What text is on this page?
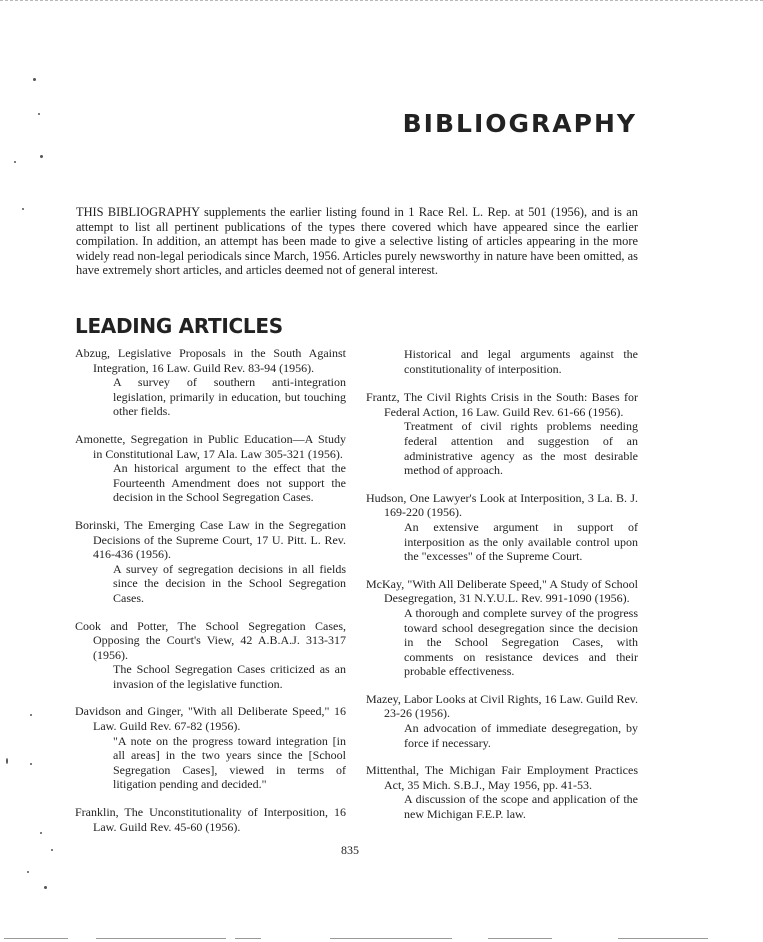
BIBLIOGRAPHY

THIS BIBLIOGRAPHY supplements the earlier listing found in 1 Race Rel. L. Rep. at 501 (1956), and is an attempt to list all pertinent publications of the types there covered which have appeared since the earlier compilation. In addition, an attempt has been made to give a selective listing of articles appearing in the more widely read non-legal periodicals since March, 1956. Articles purely newsworthy in nature have been omitted, as have extremely short articles, and articles deemed not of general interest.

LEADING ARTICLES

Abzug, Legislative Proposals in the South Against Integration, 16 Law. Guild Rev. 83-94 (1956).

A survey of southern anti-integration legislation, primarily in education, but touching other fields.

Amonette, Segregation in Public Education—A Study in Constitutional Law, 17 Ala. Law 305-321 (1956).

An historical argument to the effect that the Fourteenth Amendment does not support the decision in the School Segregation Cases.

Borinski, The Emerging Case Law in the Segregation Decisions of the Supreme Court, 17 U. Pitt. L. Rev. 416-436 (1956).

A survey of segregation decisions in all fields since the decision in the School Segregation Cases.

Cook and Potter, The School Segregation Cases, Opposing the Court's View, 42 A.B.A.J. 313-317 (1956).

The School Segregation Cases criticized as an invasion of the legislative function.

Davidson and Ginger, "With all Deliberate Speed," 16 Law. Guild Rev. 67-82 (1956).

"A note on the progress toward integration [in all areas] in the two years since the [School Segregation Cases], viewed in terms of litigation pending and decided."

Franklin, The Unconstitutionality of Interposition, 16 Law. Guild Rev. 45-60 (1956).

Historical and legal arguments against the constitutionality of interposition.

Frantz, The Civil Rights Crisis in the South: Bases for Federal Action, 16 Law. Guild Rev. 61-66 (1956).

Treatment of civil rights problems needing federal attention and suggestion of an administrative agency as the most desirable method of approach.

Hudson, One Lawyer's Look at Interposition, 3 La. B. J. 169-220 (1956).

An extensive argument in support of interposition as the only available control upon the "excesses" of the Supreme Court.

McKay, "With All Deliberate Speed," A Study of School Desegregation, 31 N.Y.U.L. Rev. 991-1090 (1956).

A thorough and complete survey of the progress toward school desegregation since the decision in the School Segregation Cases, with comments on resistance devices and their probable effectiveness.

Mazey, Labor Looks at Civil Rights, 16 Law. Guild Rev. 23-26 (1956).

An advocation of immediate desegregation, by force if necessary.

Mittenthal, The Michigan Fair Employment Practices Act, 35 Mich. S.B.J., May 1956, pp. 41-53.

A discussion of the scope and application of the new Michigan F.E.P. law.

835
